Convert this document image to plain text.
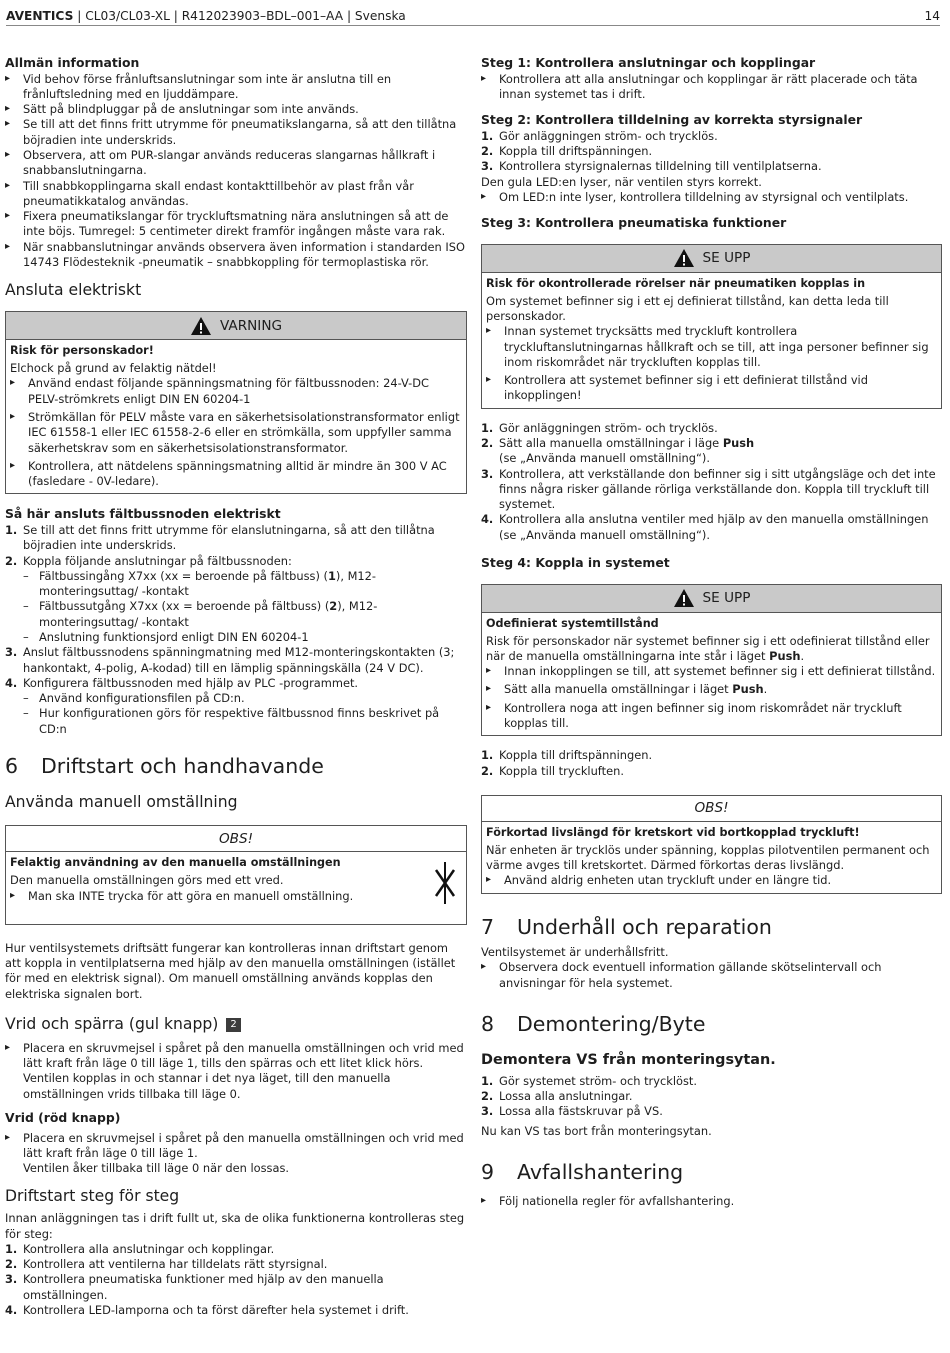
AVENTICS | CL03/CL03-XL | R412023903–BDL–001–AA | Svenska	14
Allmän information
▸ Vid behov förse frånluftsanslutningar som inte är anslutna till en frånluftsledning med en ljuddämpare.
▸ Sätt på blindpluggar på de anslutningar som inte används.
▸ Se till att det finns fritt utrymme för pneumatikslangarna, så att den tillåtna böjradien inte underskrids.
▸ Observera, att om PUR-slangar används reduceras slangarnas hållkraft i snabbanslutningarna.
▸ Till snabbkopplingarna skall endast kontakttillbehör av plast från vår pneumatikkatalog användas.
▸ Fixera pneumatikslangar för tryckluftsmatning nära anslutningen så att de inte böjs. Tumregel: 5 centimeter direkt framför ingången måste vara rak.
▸ När snabbanslutningar används observera även information i standarden ISO 14743 Flödesteknik -pneumatik – snabbkoppling för termoplastiska rör.
Ansluta elektriskt
VARNING

Risk för personskador!

Elchock på grund av felaktig nätdel!

▸ Använd endast följande spänningsmatning för fältbussnoden: 24-V-DC PELV-strömkrets enligt DIN EN 60204-1
▸ Strömkällan för PELV måste vara en säkerhetsisolationstransformator enligt IEC 61558-1 eller IEC 61558-2-6 eller en strömkälla, som uppfyller samma säkerhetskrav som en säkerhetsisolationstransformator.
▸ Kontrollera, att nätdelens spänningsmatning alltid är mindre än 300 V AC (fasledare - 0V-ledare).
Så här ansluts fältbussnoden elektriskt
1. Se till att det finns fritt utrymme för elanslutningarna, så att den tillåtna böjradien inte underskrids.
2. Koppla följande anslutningar på fältbussnoden:
– Fältbussingång X7xx (xx = beroende på fältbuss) (1), M12-monteringsuttag/ -kontakt
– Fältbussutgång X7xx (xx = beroende på fältbuss) (2), M12- monteringsuttag/ -kontakt
– Anslutning funktionsjord enligt DIN EN 60204-1
3. Anslut fältbussnodens spänningmatning med M12-monteringskontakten (3; hankontakt, 4-polig, A-kodad) till en lämplig spänningskälla (24 V DC).
4. Konfigurera fältbussnoden med hjälp av PLC -programmet.
– Använd konfigurationsfilen på CD:n.
– Hur konfigurationen görs för respektive fältbussnod finns beskrivet på CD:n
6	Driftstart och handhavande
Använda manuell omställning
OBS!

Felaktig användning av den manuella omställningen

Den manuella omställningen görs med ett vred.

▸ Man ska INTE trycka för att göra en manuell omställning.

Hur ventilsystemets driftsätt fungerar kan kontrolleras innan driftstart genom att koppla in ventilplatserna med hjälp av den manuella omställningen (istället för med en elektrisk signal). Om manuell omställning används kopplas den elektriska signalen bort.

Vrid och spärra (gul knapp) 2
▸ Placera en skruvmejsel i spåret på den manuella omställningen och vrid med lätt kraft från läge 0 till läge 1, tills den spärras och ett litet klick hörs.
Ventilen kopplas in och stannar i det nya läget, till den manuella omställningen vrids tillbaka till läge 0.
Vrid (röd knapp)
▸ Placera en skruvmejsel i spåret på den manuella omställningen och vrid med lätt kraft från läge 0 till läge 1.
Ventilen åker tillbaka till läge 0 när den lossas.
Driftstart steg för steg

Innan anläggningen tas i drift fullt ut, ska de olika funktionerna kontrolleras steg för steg:

1. Kontrollera alla anslutningar och kopplingar.
2. Kontrollera att ventilerna har tilldelats rätt styrsignal.
3. Kontrollera pneumatiska funktioner med hjälp av den manuella omställningen.
4. Kontrollera LED-lamporna och ta först därefter hela systemet i drift.
Steg 1: Kontrollera anslutningar och kopplingar
▸ Kontrollera att alla anslutningar och kopplingar är rätt placerade och täta innan systemet tas i drift.
Steg 2: Kontrollera tilldelning av korrekta styrsignaler
1. Gör anläggningen ström- och trycklös.
2. Koppla till driftspänningen.
3. Kontrollera styrsignalernas tilldelning till ventilplatserna.

Den gula LED:en lyser, när ventilen styrs korrekt.

▸ Om LED:n inte lyser, kontrollera tilldelning av styrsignal och ventilplats.
Steg 3: Kontrollera pneumatiska funktioner
SE UPP

Risk för okontrollerade rörelser när pneumatiken kopplas in

Om systemet befinner sig i ett ej definierat tillstånd, kan detta leda till personskador.

▸ Innan systemet trycksätts med tryckluft kontrollera tryckluftanslutningarnas hållkraft och se till, att inga personer befinner sig inom riskområdet när tryckluften kopplas till.
▸ Kontrollera att systemet befinner sig i ett definierat tillstånd vid inkopplingen!
1. Gör anläggningen ström- och trycklös.
2. Sätt alla manuella omställningar i läge Push
(se „Använda manuell omställning“).
3. Kontrollera, att verkställande don befinner sig i sitt utgångsläge och det inte finns några risker gällande rörliga verkställande don. Koppla till tryckluft till systemet.
4. Kontrollera alla anslutna ventiler med hjälp av den manuella omställningen (se „Använda manuell omställning“).
Steg 4: Koppla in systemet
SE UPP

Odefinierat systemtillstånd

Risk för personskador när systemet befinner sig i ett odefinierat tillstånd eller när de manuella omställningarna inte står i läget Push.

▸ Innan inkopplingen se till, att systemet befinner sig i ett definierat tillstånd.
▸ Sätt alla manuella omställningar i läget Push.
▸ Kontrollera noga att ingen befinner sig inom riskområdet när tryckluft kopplas till.
1. Koppla till driftspänningen.
2. Koppla till tryckluften.
OBS!

Förkortad livslängd för kretskort vid bortkopplad tryckluft!

När enheten är trycklös under spänning, kopplas pilotventilen permanent och värme avges till kretskortet. Därmed förkortas deras livslängd.

▸ Använd aldrig enheten utan tryckluft under en längre tid.
7	Underhåll och reparation

Ventilsystemet är underhållsfritt.

▸ Observera dock eventuell information gällande skötselintervall och anvisningar för hela systemet.
8	Demontering/Byte
Demontera VS från monteringsytan.
1. Gör systemet ström- och trycklöst.
2. Lossa alla anslutningar.
3. Lossa alla fästskruvar på VS.

Nu kan VS tas bort från monteringsytan.

9	Avfallshantering
▸ Följ nationella regler för avfallshantering.
